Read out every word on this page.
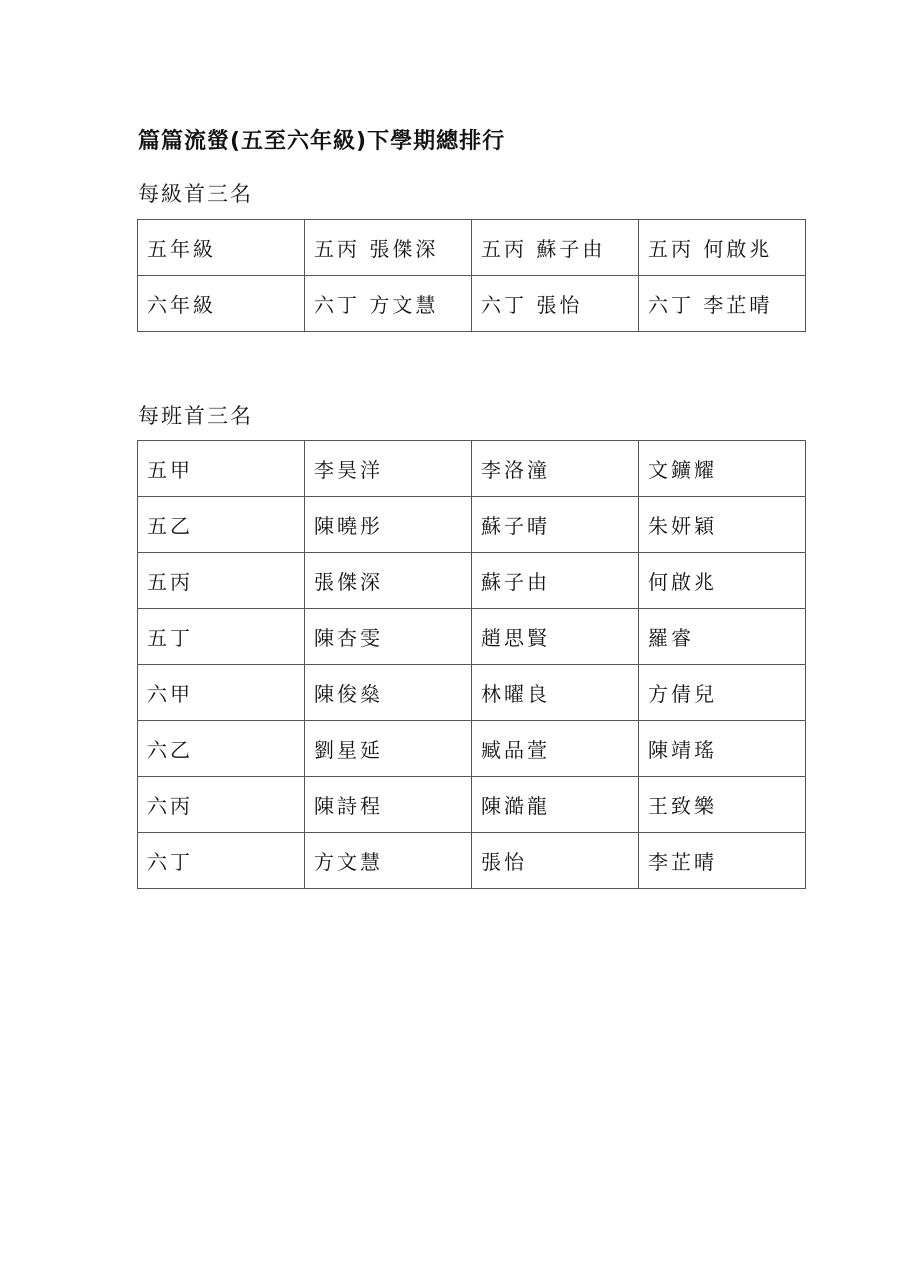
篇篇流螢(五至六年級)下學期總排行
每級首三名
五年級	五丙 張傑深	五丙 蘇子由	五丙 何啟兆
六年級	六丁 方文慧	六丁 張怡	六丁 李芷晴
每班首三名
五甲	李昊洋	李洛潼	文鑛耀
五乙	陳曉彤	蘇子晴	朱妍穎
五丙	張傑深	蘇子由	何啟兆
五丁	陳杏雯	趙思賢	羅睿
六甲	陳俊燊	林曜良	方倩兒
六乙	劉星延	臧品萱	陳靖瑤
六丙	陳詩程	陳澔龍	王致樂
六丁	方文慧	張怡	李芷晴
